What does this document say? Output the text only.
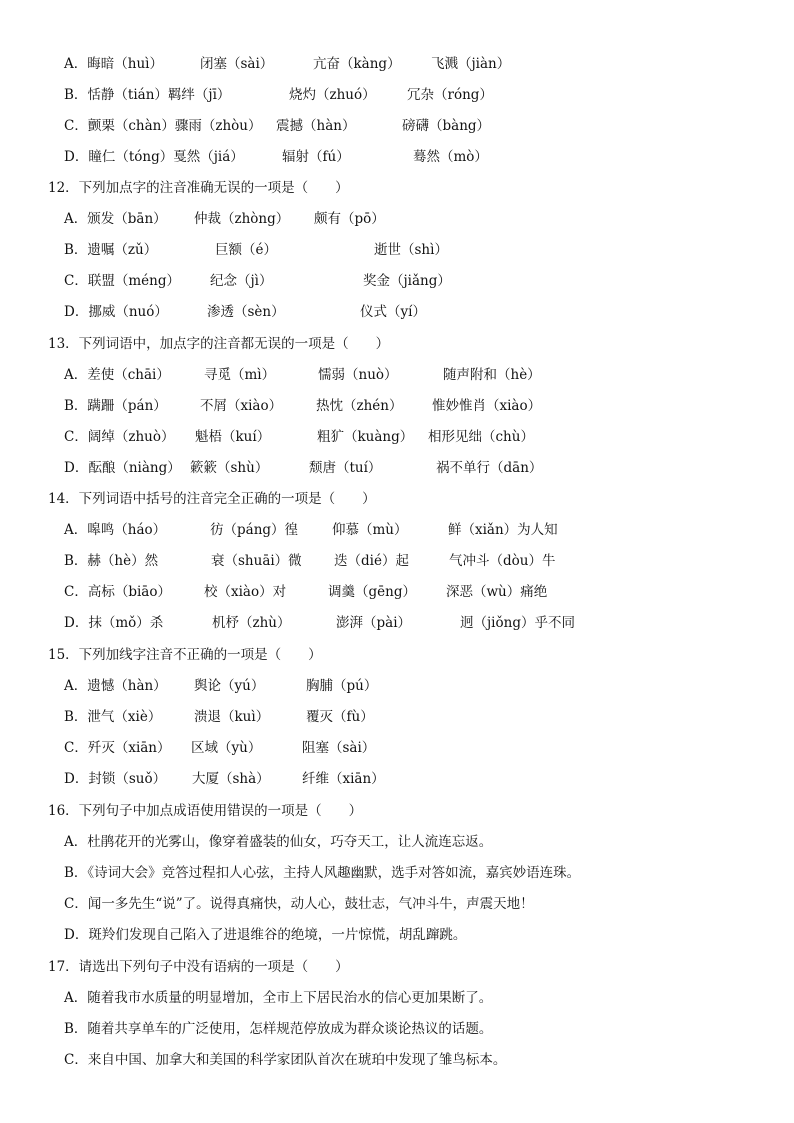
A．晦暗（huì）	闭塞（sài）	亢奋（kàng） 飞溅（jiàn）
B．恬静（tián）羁绊（jī）	烧灼（zhuó） 冗杂（róng）
C．颤栗（chàn）骤雨（zhòu） 震撼（hàn）	磅礴（bàng）
D．瞳仁（tóng）戛然（jiá）	辐射（fú）	蓦然（mò）
12．下列加点字的注音准确无误的一项是（　　）
A．颁发（bān） 仲裁（zhòng） 颇有（pō）
B．遗嘱（zǔ）	巨额（é）	逝世（shì）
C．联盟（méng） 纪念（jì）	奖金（jiǎng）
D．挪威（nuó）	渗透（sèn）	仪式（yí）
13．下列词语中，加点字的注音都无误的一项是（　　）
A．差使（chāi）	寻觅（mì）	懦弱（nuò）	随声附和（hè）
B．蹒跚（pán） 不屑（xiào）	热忱（zhén） 惟妙惟肖（xiào）
C．阔绰（zhuò） 魁梧（kuí）	粗犷（kuàng） 相形见绌（chù）
D．酝酿（niàng） 簌簌（shù）	颓唐（tuí）	祸不单行（dān）
14．下列词语中括号的注音完全正确的一项是（　　）
A．嗥鸣（háo）	彷（páng）徨	仰慕（mù）	鲜（xiǎn）为人知
B．赫（hè）然	衰（shuāi）微 迭（dié）起	气冲斗（dòu）牛
C．高标（biāo） 校（xiào）对	调羹（gēng） 深恶（wù）痛绝
D．抹（mǒ）杀	机杼（zhù）	澎湃（pài）	迥（jiǒng）乎不同
15．下列加线字注音不正确的一项是（　　）
A．遗憾（hàn） 舆论（yú）	胸脯（pú）
B．泄气（xiè） 溃退（kuì）	覆灭（fù）
C．歼灭（xiān） 区域（yù）	阻塞（sài）
D．封锁（suǒ） 大厦（shà） 纤维（xiān）
16．下列句子中加点成语使用错误的一项是（　　）
A．杜鹃花开的光雾山，像穿着盛装的仙女，巧夺天工，让人流连忘返。
B．《诗词大会》竞答过程扣人心弦，主持人风趣幽默，选手对答如流，嘉宾妙语连珠。
C．闻一多先生“说”了。说得真痛快，动人心，鼓壮志，气冲斗牛，声震天地！
D．斑羚们发现自己陷入了进退维谷的绝境，一片惊慌，胡乱蹿跳。
17．请选出下列句子中没有语病的一项是（　　）
A．随着我市水质量的明显增加，全市上下居民治水的信心更加果断了。
B．随着共享单车的广泛使用，怎样规范停放成为群众谈论热议的话题。
C．来自中国、加拿大和美国的科学家团队首次在琥珀中发现了雏鸟标本。
